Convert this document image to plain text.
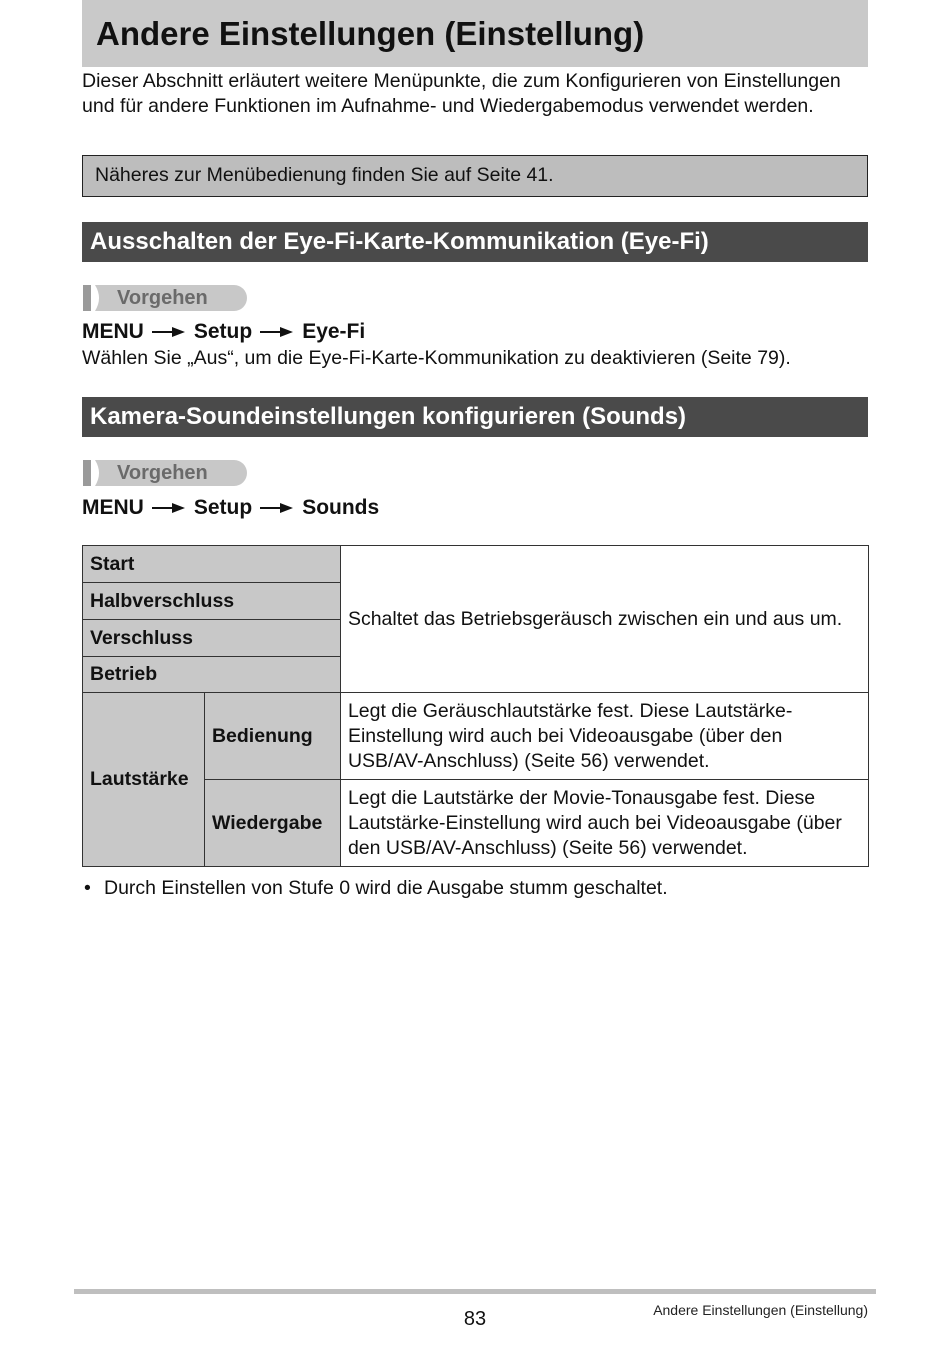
Andere Einstellungen (Einstellung)

Dieser Abschnitt erläutert weitere Menüpunkte, die zum Konfigurieren von Einstellungen und für andere Funktionen im Aufnahme- und Wiedergabemodus verwendet werden.

Näheres zur Menübedienung finden Sie auf Seite 41.
Ausschalten der Eye-Fi-Karte-Kommunikation (Eye-Fi)
Vorgehen
MENU Setup Eye-Fi
Wählen Sie „Aus“, um die Eye-Fi-Karte-Kommunikation zu deaktivieren (Seite 79).
Kamera-Soundeinstellungen konfigurieren (Sounds)
Vorgehen
MENU Setup Sounds
Start		Schaltet das Betriebsgeräusch zwischen ein und aus um.
Halbverschluss		
Verschluss		
Betrieb		
Lautstärke	Bedienung	Legt die Geräuschlautstärke fest. Diese Lautstärke-Einstellung wird auch bei Videoausgabe (über den USB/AV-Anschluss) (Seite 56) verwendet.
	Wiedergabe	Legt die Lautstärke der Movie-Tonausgabe fest. Diese Lautstärke-Einstellung wird auch bei Videoausgabe (über den USB/AV-Anschluss) (Seite 56) verwendet.
• Durch Einstellen von Stufe 0 wird die Ausgabe stumm geschaltet.
83	Andere Einstellungen (Einstellung)
